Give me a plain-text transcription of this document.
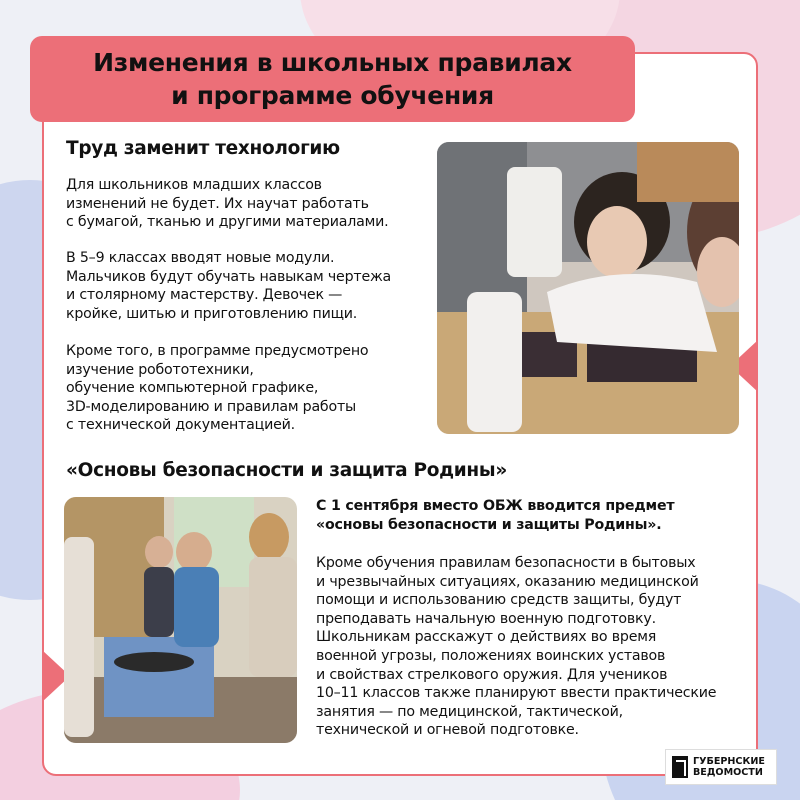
Изменения в школьных правилах
и программе обучения
Труд заменит технологию
Для школьников младших классов
изменений не будет. Их научат работать
с бумагой, тканью и другими материалами.
В 5–9 классах вводят новые модули.
Мальчиков будут обучать навыкам чертежа
и столярному мастерству. Девочек —
кройке, шитью и приготовлению пищи.
Кроме того, в программе предусмотрено
изучение робототехники,
обучение компьютерной графике,
3D-моделированию и правилам работы
с технической документацией.
«Основы безопасности и защита Родины»
С 1 сентября вместо ОБЖ вводится предмет
«основы безопасности и защиты Родины».
Кроме обучения правилам безопасности в бытовых
и чрезвычайных ситуациях, оказанию медицинской
помощи и использованию средств защиты, будут
преподавать начальную военную подготовку.
Школьникам расскажут о действиях во время
военной угрозы, положениях воинских уставов
и свойствах стрелкового оружия. Для учеников
10–11 классов также планируют ввести практические
занятия — по медицинской, тактической,
технической и огневой подготовке.
ГУБЕРНСКИЕ
ВЕДОМОСТИ
